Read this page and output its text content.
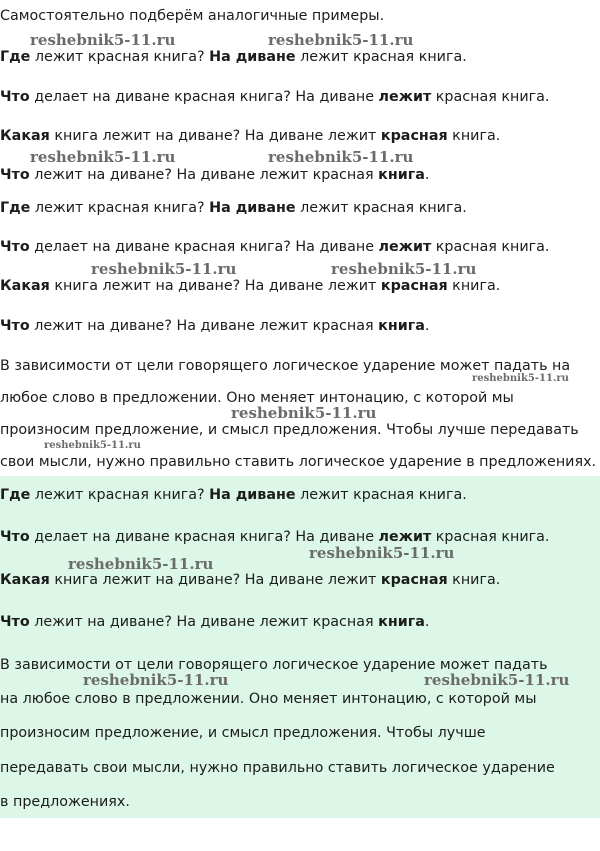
Самостоятельно подберём аналогичные примеры.
Где лежит красная книга? На диване лежит красная книга.
Что делает на диване красная книга? На диване лежит красная книга.
Какая книга лежит на диване? На диване лежит красная книга.
Что лежит на диване? На диване лежит красная книга.
Где лежит красная книга? На диване лежит красная книга.
Что делает на диване красная книга? На диване лежит красная книга.
Какая книга лежит на диване? На диване лежит красная книга.
Что лежит на диване? На диване лежит красная книга.
В зависимости от цели говорящего логическое ударение может падать на
любое слово в предложении. Оно меняет интонацию, с которой мы
произносим предложение, и смысл предложения. Чтобы лучше передавать
свои мысли, нужно правильно ставить логическое ударение в предложениях.
Где лежит красная книга? На диване лежит красная книга.
Что делает на диване красная книга? На диване лежит красная книга.
Какая книга лежит на диване? На диване лежит красная книга.
Что лежит на диване? На диване лежит красная книга.
В зависимости от цели говорящего логическое ударение может падать
на любое слово в предложении. Оно меняет интонацию, с которой мы
произносим предложение, и смысл предложения. Чтобы лучше
передавать свои мысли, нужно правильно ставить логическое ударение
в предложениях.
reshebnik5-11.ru	reshebnik5-11.ru
reshebnik5-11.ru	reshebnik5-11.ru
reshebnik5-11.ru	reshebnik5-11.ru
reshebnik5-11.ru
reshebnik5-11.ru
reshebnik5-11.ru
reshebnik5-11.ru
reshebnik5-11.ru
reshebnik5-11.ru	reshebnik5-11.ru
